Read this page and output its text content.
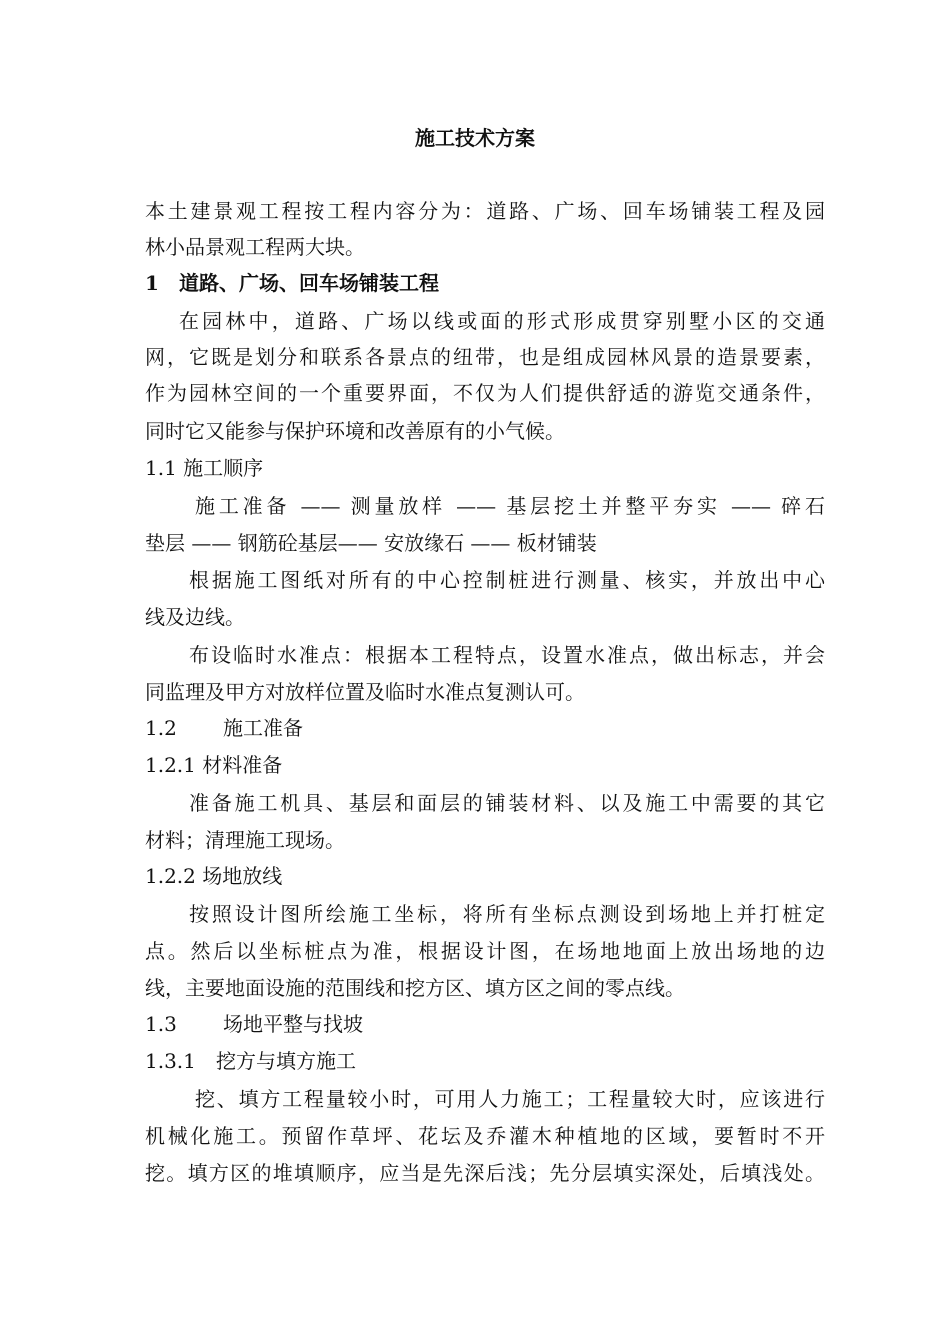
施工技术方案
本土建景观工程按工程内容分为：道路、广场、回车场铺装工程及园
林小品景观工程两大块。
1 道路、广场、回车场铺装工程
在园林中，道路、广场以线或面的形式形成贯穿别墅小区的交通
网，它既是划分和联系各景点的纽带，也是组成园林风景的造景要素，
作为园林空间的一个重要界面，不仅为人们提供舒适的游览交通条件，
同时它又能参与保护环境和改善原有的小气候。
1.1 施工顺序
施工准备 —— 测量放样 —— 基层挖土并整平夯实 —— 碎石
垫层 —— 钢筋砼基层—— 安放缘石 —— 板材铺装
根据施工图纸对所有的中心控制桩进行测量、核实，并放出中心
线及边线。
布设临时水准点：根据本工程特点，设置水准点，做出标志，并会
同监理及甲方对放样位置及临时水准点复测认可。
1.2 施工准备
1.2.1 材料准备
准备施工机具、基层和面层的铺装材料、以及施工中需要的其它
材料；清理施工现场。
1.2.2 场地放线
按照设计图所绘施工坐标，将所有坐标点测设到场地上并打桩定
点。然后以坐标桩点为准，根据设计图，在场地地面上放出场地的边
线，主要地面设施的范围线和挖方区、填方区之间的零点线。
1.3 场地平整与找坡
1.3.1 挖方与填方施工
挖、填方工程量较小时，可用人力施工；工程量较大时，应该进行
机械化施工。预留作草坪、花坛及乔灌木种植地的区域，要暂时不开
挖。填方区的堆填顺序，应当是先深后浅；先分层填实深处，后填浅处。
